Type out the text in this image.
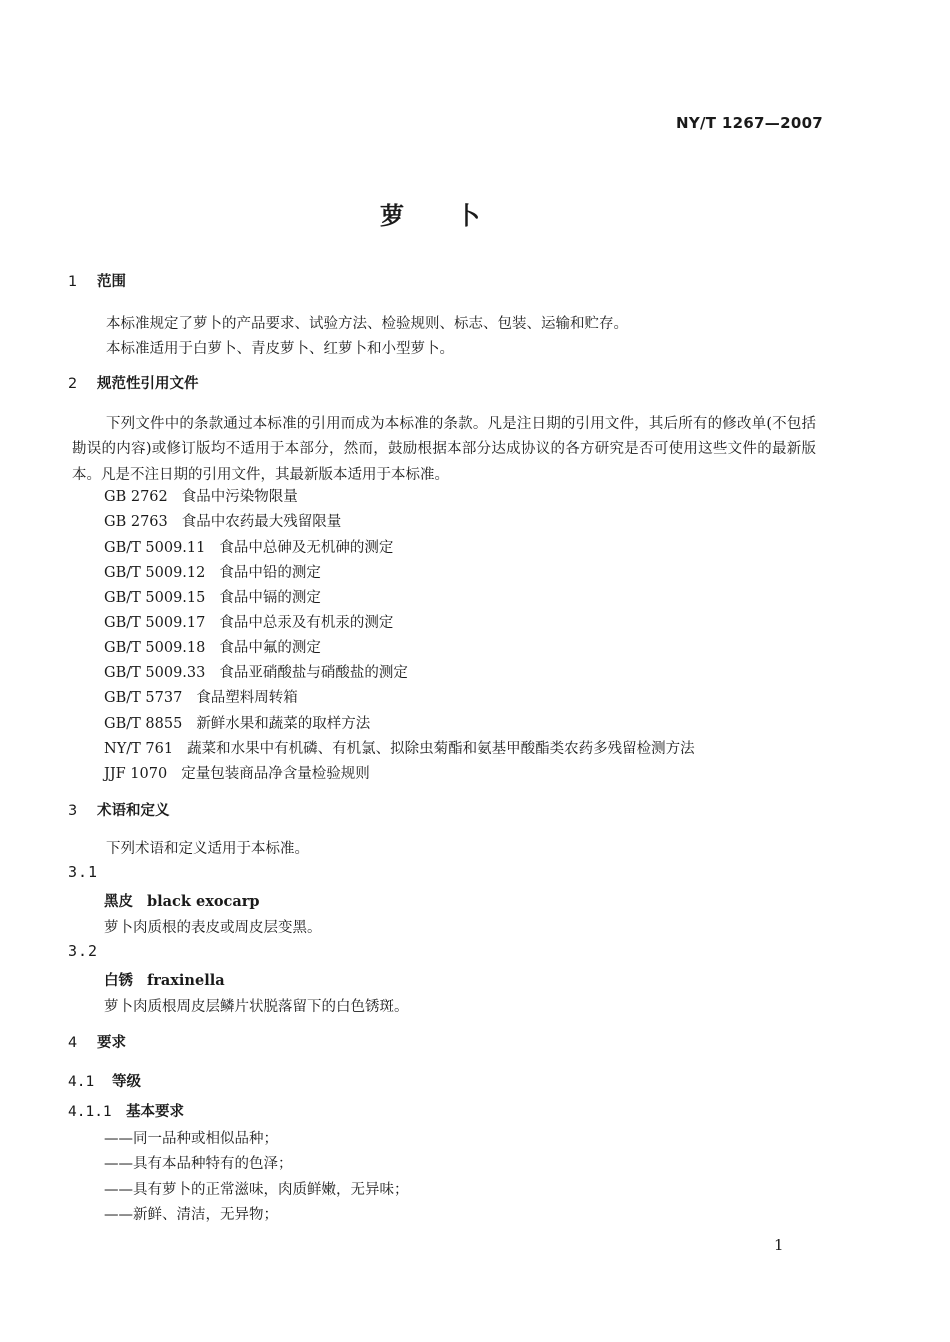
NY/T 1267—2007
萝卜
1 范围
本标准规定了萝卜的产品要求、试验方法、检验规则、标志、包装、运输和贮存。
本标准适用于白萝卜、青皮萝卜、红萝卜和小型萝卜。
2 规范性引用文件
下列文件中的条款通过本标准的引用而成为本标准的条款。凡是注日期的引用文件，其后所有的修改单(不包括勘误的内容)或修订版均不适用于本部分，然而，鼓励根据本部分达成协议的各方研究是否可使用这些文件的最新版本。凡是不注日期的引用文件，其最新版本适用于本标准。
GB 2762 食品中污染物限量
GB 2763 食品中农药最大残留限量
GB/T 5009.11 食品中总砷及无机砷的测定
GB/T 5009.12 食品中铅的测定
GB/T 5009.15 食品中镉的测定
GB/T 5009.17 食品中总汞及有机汞的测定
GB/T 5009.18 食品中氟的测定
GB/T 5009.33 食品亚硝酸盐与硝酸盐的测定
GB/T 5737 食品塑料周转箱
GB/T 8855 新鲜水果和蔬菜的取样方法
NY/T 761 蔬菜和水果中有机磷、有机氯、拟除虫菊酯和氨基甲酸酯类农药多残留检测方法
JJF 1070 定量包装商品净含量检验规则
3 术语和定义
下列术语和定义适用于本标准。
3.1
黑皮 black exocarp
萝卜肉质根的表皮或周皮层变黑。
3.2
白锈 fraxinella
萝卜肉质根周皮层鳞片状脱落留下的白色锈斑。
4 要求
4.1 等级
4.1.1 基本要求
——同一品种或相似品种；
——具有本品种特有的色泽；
——具有萝卜的正常滋味，肉质鲜嫩，无异味；
——新鲜、清洁，无异物；
1
